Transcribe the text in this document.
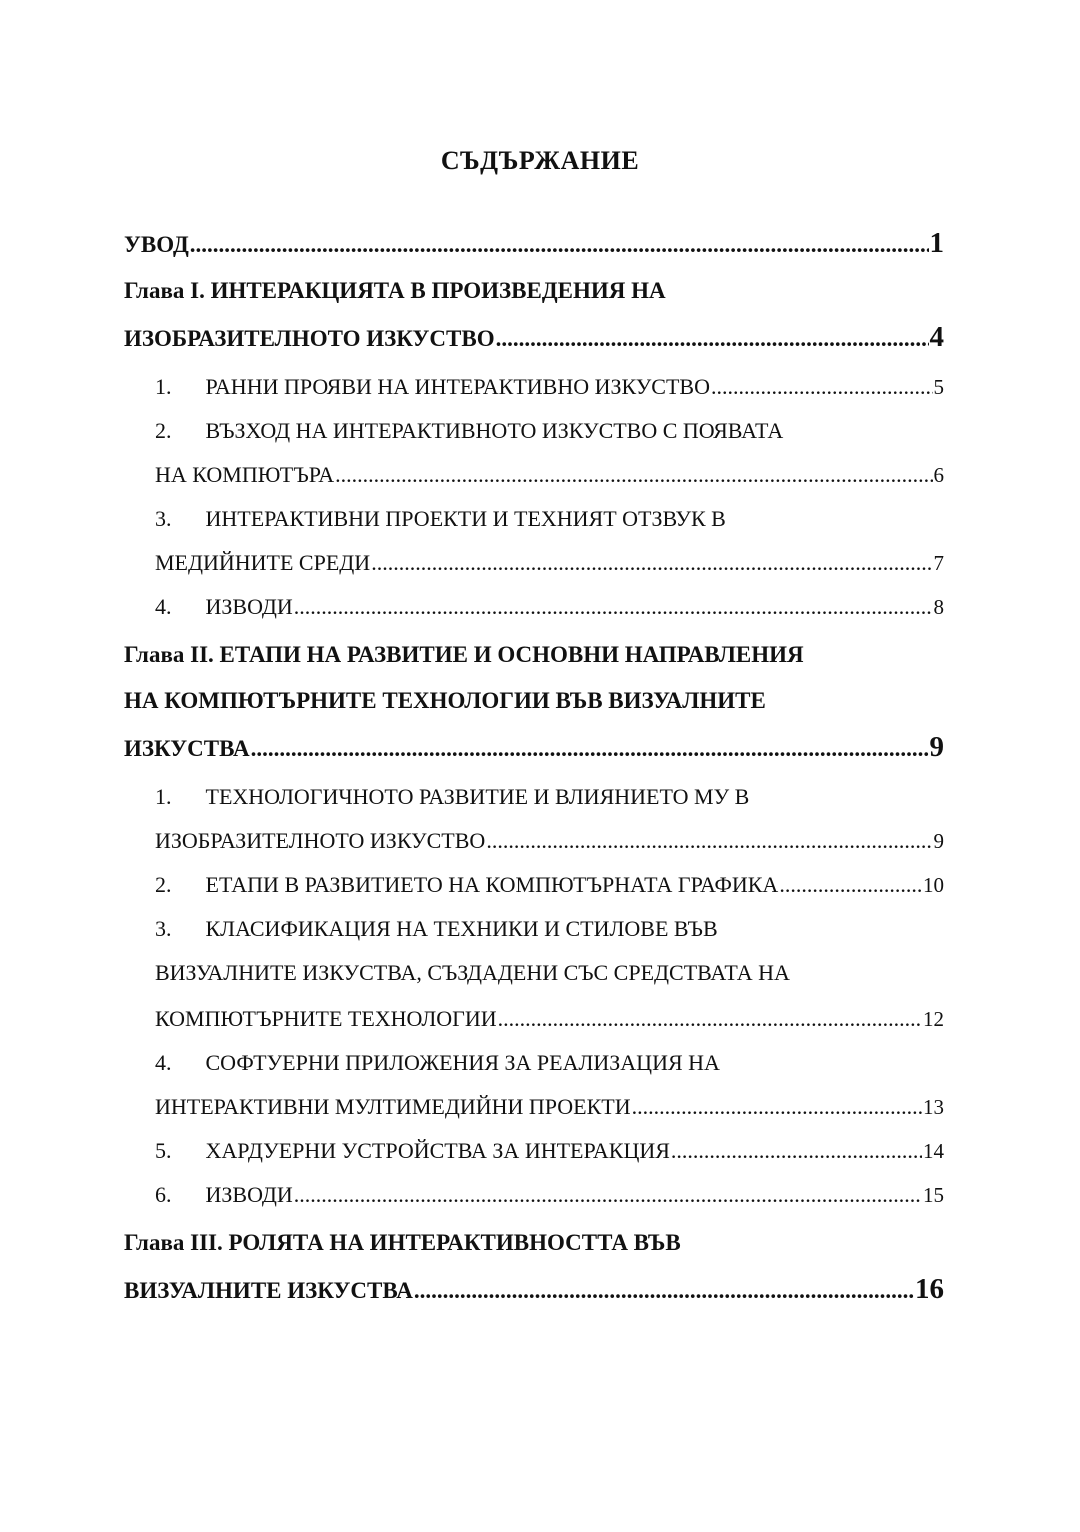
СЪДЪРЖАНИЕ
УВОД .....	1
Глава I. ИНТЕРАКЦИЯТА В ПРОИЗВЕДЕНИЯ НА
ИЗОБРАЗИТЕЛНОТО ИЗКУСТВО .....	4
1.	РАННИ ПРОЯВИ НА ИНТЕРАКТИВНО ИЗКУСТВО .....	5
2.	ВЪЗХОД НА ИНТЕРАКТИВНОТО ИЗКУСТВО С ПОЯВАТА
НА КОМПЮТЪРА .....	6
3.	ИНТЕРАКТИВНИ ПРОЕКТИ И ТЕХНИЯТ ОТЗВУК В
МЕДИЙНИТЕ СРЕДИ .....	7
4.	ИЗВОДИ .....	8
Глава II. ЕТАПИ НА РАЗВИТИЕ И ОСНОВНИ НАПРАВЛЕНИЯ
НА КОМПЮТЪРНИТЕ ТЕХНОЛОГИИ ВЪВ ВИЗУАЛНИТЕ
ИЗКУСТВА .....	9
1.	ТЕХНОЛОГИЧНОТО РАЗВИТИЕ И ВЛИЯНИЕТО МУ В
ИЗОБРАЗИТЕЛНОТО ИЗКУСТВО .....	9
2.	ЕТАПИ В РАЗВИТИЕТО НА КОМПЮТЪРНАТА ГРАФИКА .....	10
3.	КЛАСИФИКАЦИЯ НА ТЕХНИКИ И СТИЛОВЕ ВЪВ
ВИЗУАЛНИТЕ ИЗКУСТВА, СЪЗДАДЕНИ СЪС СРЕДСТВАТА НА
КОМПЮТЪРНИТЕ ТЕХНОЛОГИИ .....	12
4.	СОФТУЕРНИ ПРИЛОЖЕНИЯ ЗА РЕАЛИЗАЦИЯ НА
ИНТЕРАКТИВНИ МУЛТИМЕДИЙНИ ПРОЕКТИ .....	13
5.	ХАРДУЕРНИ УСТРОЙСТВА ЗА ИНТЕРАКЦИЯ .....	14
6.	ИЗВОДИ .....	15
Глава III. РОЛЯТА НА ИНТЕРАКТИВНОСТТА ВЪВ
ВИЗУАЛНИТЕ ИЗКУСТВА .....	16
